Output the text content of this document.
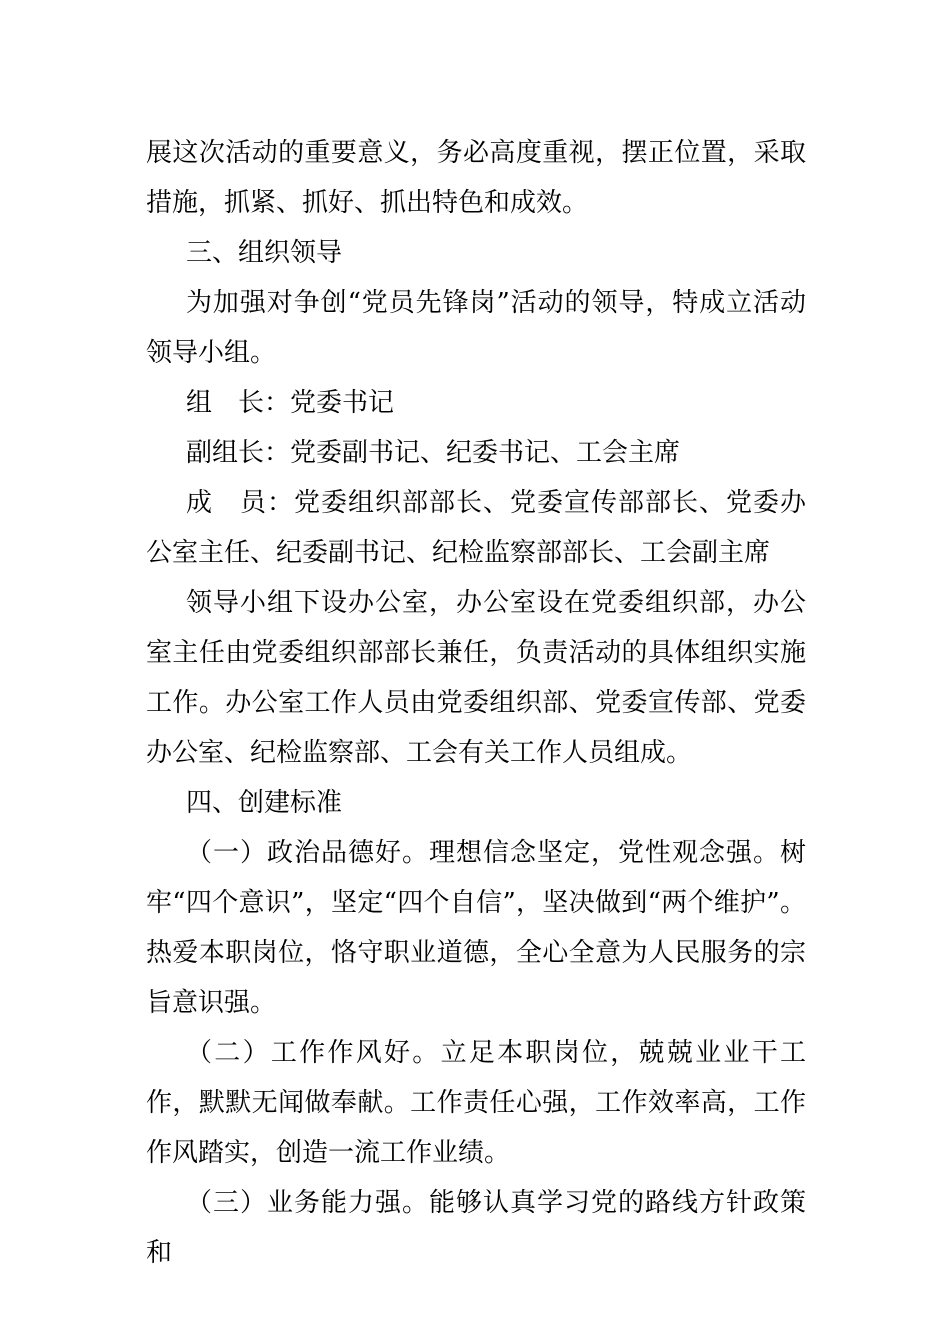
展这次活动的重要意义，务必高度重视，摆正位置，采取措施，抓紧、抓好、抓出特色和成效。

三、组织领导

为加强对争创“党员先锋岗”活动的领导，特成立活动领导小组。

组　长：党委书记

副组长：党委副书记、纪委书记、工会主席

成　员：党委组织部部长、党委宣传部部长、党委办公室主任、纪委副书记、纪检监察部部长、工会副主席

领导小组下设办公室，办公室设在党委组织部，办公室主任由党委组织部部长兼任，负责活动的具体组织实施工作。办公室工作人员由党委组织部、党委宣传部、党委办公室、纪检监察部、工会有关工作人员组成。

四、创建标准

（一）政治品德好。理想信念坚定，党性观念强。树牢“四个意识”，坚定“四个自信”，坚决做到“两个维护”。热爱本职岗位，恪守职业道德，全心全意为人民服务的宗旨意识强。

（二）工作作风好。立足本职岗位，兢兢业业干工作，默默无闻做奉献。工作责任心强，工作效率高，工作作风踏实，创造一流工作业绩。

（三）业务能力强。能够认真学习党的路线方针政策和
